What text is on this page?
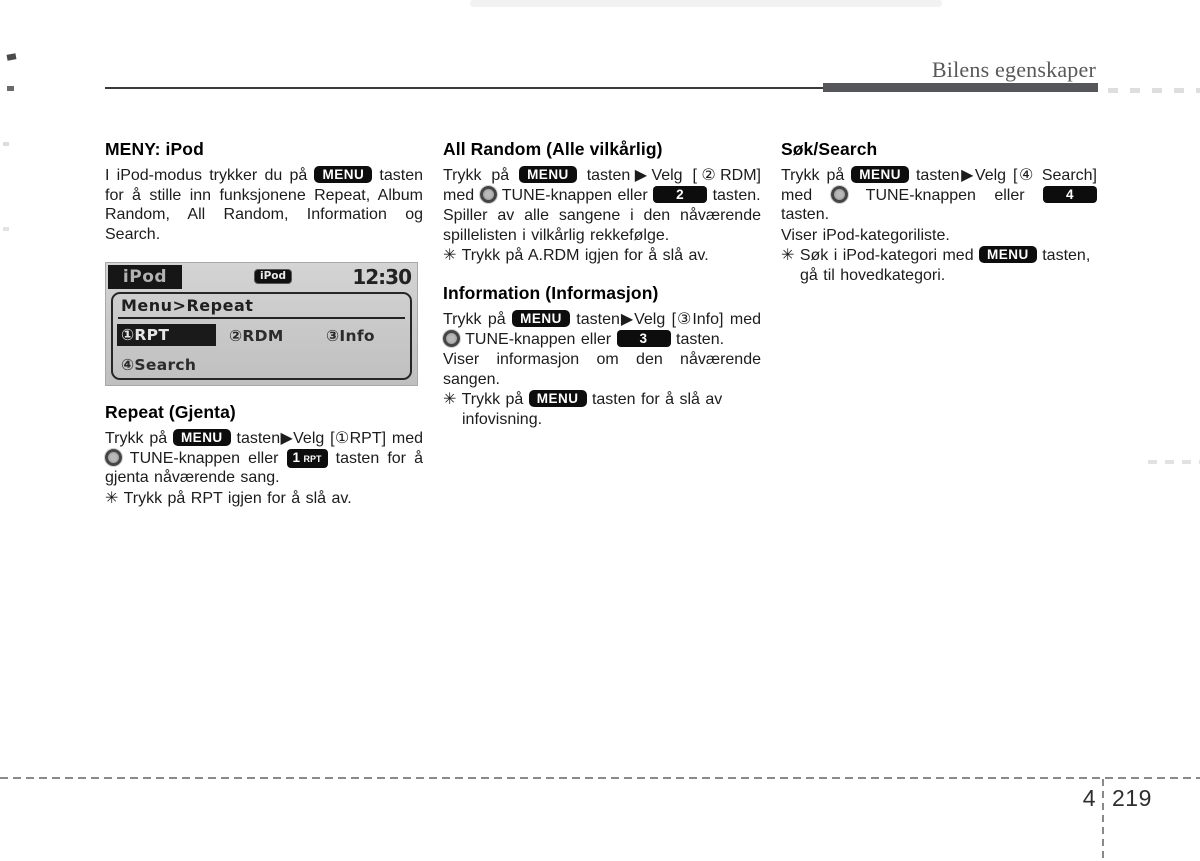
Bilens egenskaper
MENY: iPod

I iPod-modus trykker du på MENU tasten for å stille inn funksjonene Repeat, Album Random, All Random, Information og Search.

iPod	iPod	12:30
Menu>Repeat
①RPT	②RDM	③Info
④Search
Repeat (Gjenta)

Trykk på MENU tasten▶Velg [①RPT] med  TUNE-knappen eller 1 RPT tasten for å gjenta nåværende sang.

✳ Trykk på RPT igjen for å slå av.

All Random (Alle vilkårlig)

Trykk på MENU tasten▶Velg [②RDM] med  TUNE-knappen eller 2 tasten.

Spiller av alle sangene i den nåværende spillelisten i vilkårlig rekkefølge.

✳ Trykk på A.RDM igjen for å slå av.

Information (Informasjon)

Trykk på MENU tasten▶Velg [③Info] med  TUNE-knappen eller 3 tasten.

Viser informasjon om den nåværende sangen.

✳ Trykk på MENU tasten for å slå av infovisning.

Søk/Search

Trykk på MENU tasten▶Velg [④ Search] med  TUNE-knappen eller 4 tasten.

Viser iPod-kategoriliste.

✳ Søk i iPod-kategori med MENU tasten, gå til hovedkategori.

4 219
